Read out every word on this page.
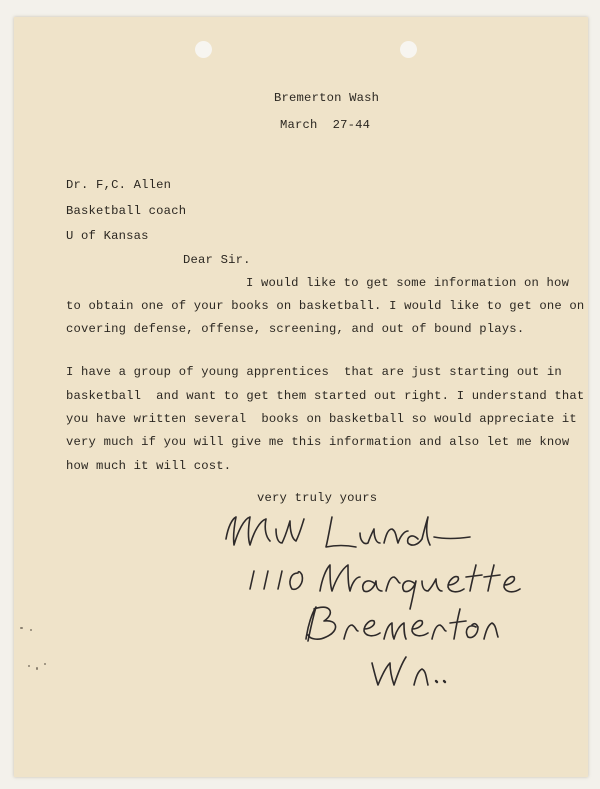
Bremerton Wash
March  27-44
Dr. F,C. Allen
Basketball coach
U of Kansas
Dear Sir.
I would like to get some information on how
to obtain one of your books on basketball. I would like to get one on
covering defense, offense, screening, and out of bound plays.
I have a group of young apprentices  that are just starting out in
basketball  and want to get them started out right. I understand that
you have written several  books on basketball so would appreciate it
very much if you will give me this information and also let me know
how much it will cost.
very truly yours
